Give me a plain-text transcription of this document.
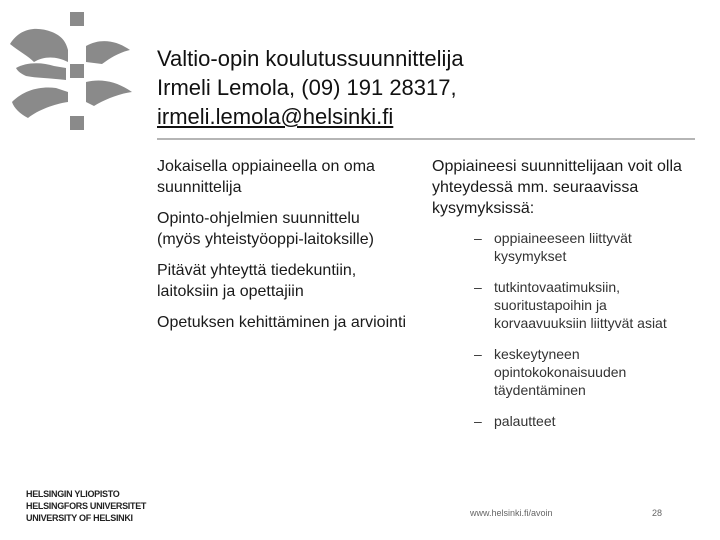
Valtio-opin koulutussuunnittelija
Irmeli Lemola, (09) 191 28317,
irmeli.lemola@helsinki.fi
Jokaisella oppiaineella on oma suunnittelija
Opinto-ohjelmien suunnittelu (myös yhteistyöoppi-laitoksille)
Pitävät yhteyttä tiedekuntiin, laitoksiin ja opettajiin
Opetuksen kehittäminen ja arviointi
Oppiaineesi suunnittelijaan voit olla yhteydessä mm. seuraavissa kysymyksissä:
– oppiaineeseen liittyvät kysymykset
– tutkintovaatimuksiin, suoritustapoihin ja korvaavuuksiin liittyvät asiat
– keskeytyneen opintokokonaisuuden täydentäminen
– palautteet
HELSINGIN YLIOPISTO
HELSINGFORS UNIVERSITET
UNIVERSITY OF HELSINKI	www.helsinki.fi/avoin	28
